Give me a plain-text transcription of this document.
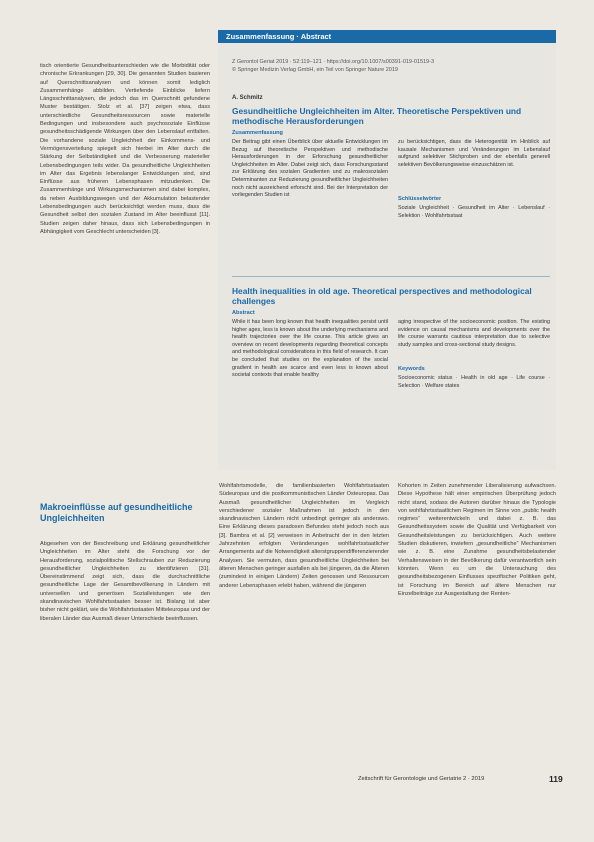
tisch orientierte Gesundheitsunterschieden wie die Morbidität oder chronische Erkrankungen [29, 30]. Die genannten Studien basieren auf Querschnittsanalysen und können somit lediglich Zusammenhänge abbilden. Vertiefende Einblicke liefern Längsschnittanalysen, die jedoch das im Querschnitt gefundene Muster bestätigen. Stolz et al. [37] zeigen etwa, dass unterschiedliche Gesundheitsressourcen sowie materielle Bedingungen und insbesondere auch psychosoziale Einflüsse gesundheitsschädigende Wirkungen über den Lebenslauf entfalten. Die vorhandene soziale Ungleichheit der Einkommens- und Vermögensverteilung spiegelt sich hierbei im Alter durch die Stärkung der Selbständigkeit und die Verbesserung materieller Lebensbedingungen teils wider. Da gesundheitliche Ungleichheiten im Alter das Ergebnis lebenslanger Entwicklungen sind, sind Einflüsse aus früheren Lebensphasen mitzudenken. Die Zusammenhänge und Wirkungsmechanismen sind dabei komplex, da neben Ausbildungswegen und der Akkumulation belastender Lebensbedingungen auch berücksichtigt werden muss, dass die Gesundheit selbst den sozialen Zustand im Alter beeinflusst [11]. Studien zeigen daher hinaus, dass sich Lebensbedingungen in Abhängigkeit vom Geschlecht unterscheiden [3].

Makroeinflüsse auf gesundheitliche Ungleichheiten

Abgesehen von der Beschreibung und Erklärung gesundheitlicher Ungleichheiten im Alter steht die Forschung vor der Herausforderung, sozialpolitische Stellschrauben zur Reduzierung gesundheitlicher Ungleichheiten zu identifizieren [31]. Übereinstimmend zeigt sich, dass die durchschnittliche gesundheitliche Lage der Gesamtbevölkerung in Ländern mit universellen und generösen Sozialleistungen wie den skandinavischen Wohlfahrtsstaaten besser ist. Bislang ist aber bisher nicht geklärt, wie die Wohlfahrtsstaaten Mitteleuropas und der liberalen Länder das Ausmaß dieser Unterschiede beeinflussen.

Zusammenfassung · Abstract
Z Gerontol Geriat 2019 · 52:119–121 · https://doi.org/10.1007/s00391-019-01519-3
© Springer Medizin Verlag GmbH, ein Teil von Springer Nature 2019
A. Schmitz
Gesundheitliche Ungleichheiten im Alter. Theoretische Perspektiven und methodische Herausforderungen
Zusammenfassung
Der Beitrag gibt einen Überblick über aktuelle Entwicklungen im Bezug auf theoretische Perspektiven und methodische Herausforderungen in der Erforschung gesundheitlicher Ungleichheiten im Alter. Dabei zeigt sich, dass Forschungsstand zur Erklärung des sozialen Gradienten und zu makrosozialen Determinanten zur Reduzierung gesundheitlicher Ungleichheiten noch nicht ausreichend erforscht sind. Bei der Interpretation der vorliegenden Studien ist
zu berücksichtigen, dass die Heterogenität im Hinblick auf kausale Mechanismen und Veränderungen im Lebenslauf aufgrund selektiver Stichproben und der ebenfalls generell selektiven Bevölkerungsweise einzuschätzen ist.
Schlüsselwörter
Soziale Ungleichheit · Gesundheit im Alter · Lebenslauf · Selektion · Wohlfahrtsstaat
Health inequalities in old age. Theoretical perspectives and methodological challenges
Abstract
While it has been long known that health inequalities persist until higher ages, less is known about the underlying mechanisms and health trajectories over the life course. This article gives an overview on recent developments regarding theoretical concepts and methodological considerations in this field of research. It can be concluded that studies on the explanation of the social gradient in health are scarce and even less is known about societal contexts that enable healthy
aging irrespective of the socioeconomic position. The existing evidence on causal mechanisms and developments over the life course warrants cautious interpretation due to selective study samples and cross-sectional study designs.
Keywords
Socioeconomic status · Health in old age · Life course · Selection · Welfare states

Wohlfahrtsmodelle, die familienbasierten Wohlfahrtsstaaten Südeuropas und die postkommunistischen Länder Osteuropas. Das Ausmaß gesundheitlicher Ungleichheiten im Vergleich verschiedener sozialer Maßnahmen ist jedoch in den skandinavischen Ländern nicht unbedingt geringer als anderswo. Eine Erklärung dieses paradoxen Befundes steht jedoch noch aus [3]. Bambra et al. [2] verweisen in Anbetracht der in den letzten Jahrzehnten erfolgten Veränderungen wohlfahrtsstaatlicher Arrangements auf die Notwendigkeit alterstgruppendifferenzierender Analysen. Sie vermuten, dass gesundheitliche Ungleichheiten bei älteren Menschen geringer ausfallen als bei jüngeren, da die Älteren (zumindest in einigen Ländern) Zeiten genossen und Ressourcen anderer Lebensphasen erlebt haben, während die jüngeren

Kohorten in Zeiten zunehmender Liberalisierung aufwachsen. Diese Hypothese hält einer empirischen Überprüfung jedoch nicht stand, sodass die Autoren darüber hinaus die Typologie von wohlfahrtsstaatlichen Regimen im Sinne von „public health regimes“ weiterentwickeln und dabei z. B. das Gesundheitssystem sowie die Qualität und Verfügbarkeit von Gesundheitsleistungen zu berücksichtigen. Auch weitere Studien diskutieren, inwiefern „gesundheitliche“ Mechanismen wie z. B. eine Zunahme gesundheitsbelastender Verhaltensweisen in der Bevölkerung dafür verantwortlich sein könnten. Wenn es um die Untersuchung des gesundheitsbezogenen Einflusses spezifischer Politiken geht, ist Forschung im Bereich auf ältere Menschen nur Einzelbeiträge zur Ausgestaltung der Renten-

Zeitschrift für Gerontologie und Geriatrie 2 · 2019	119
